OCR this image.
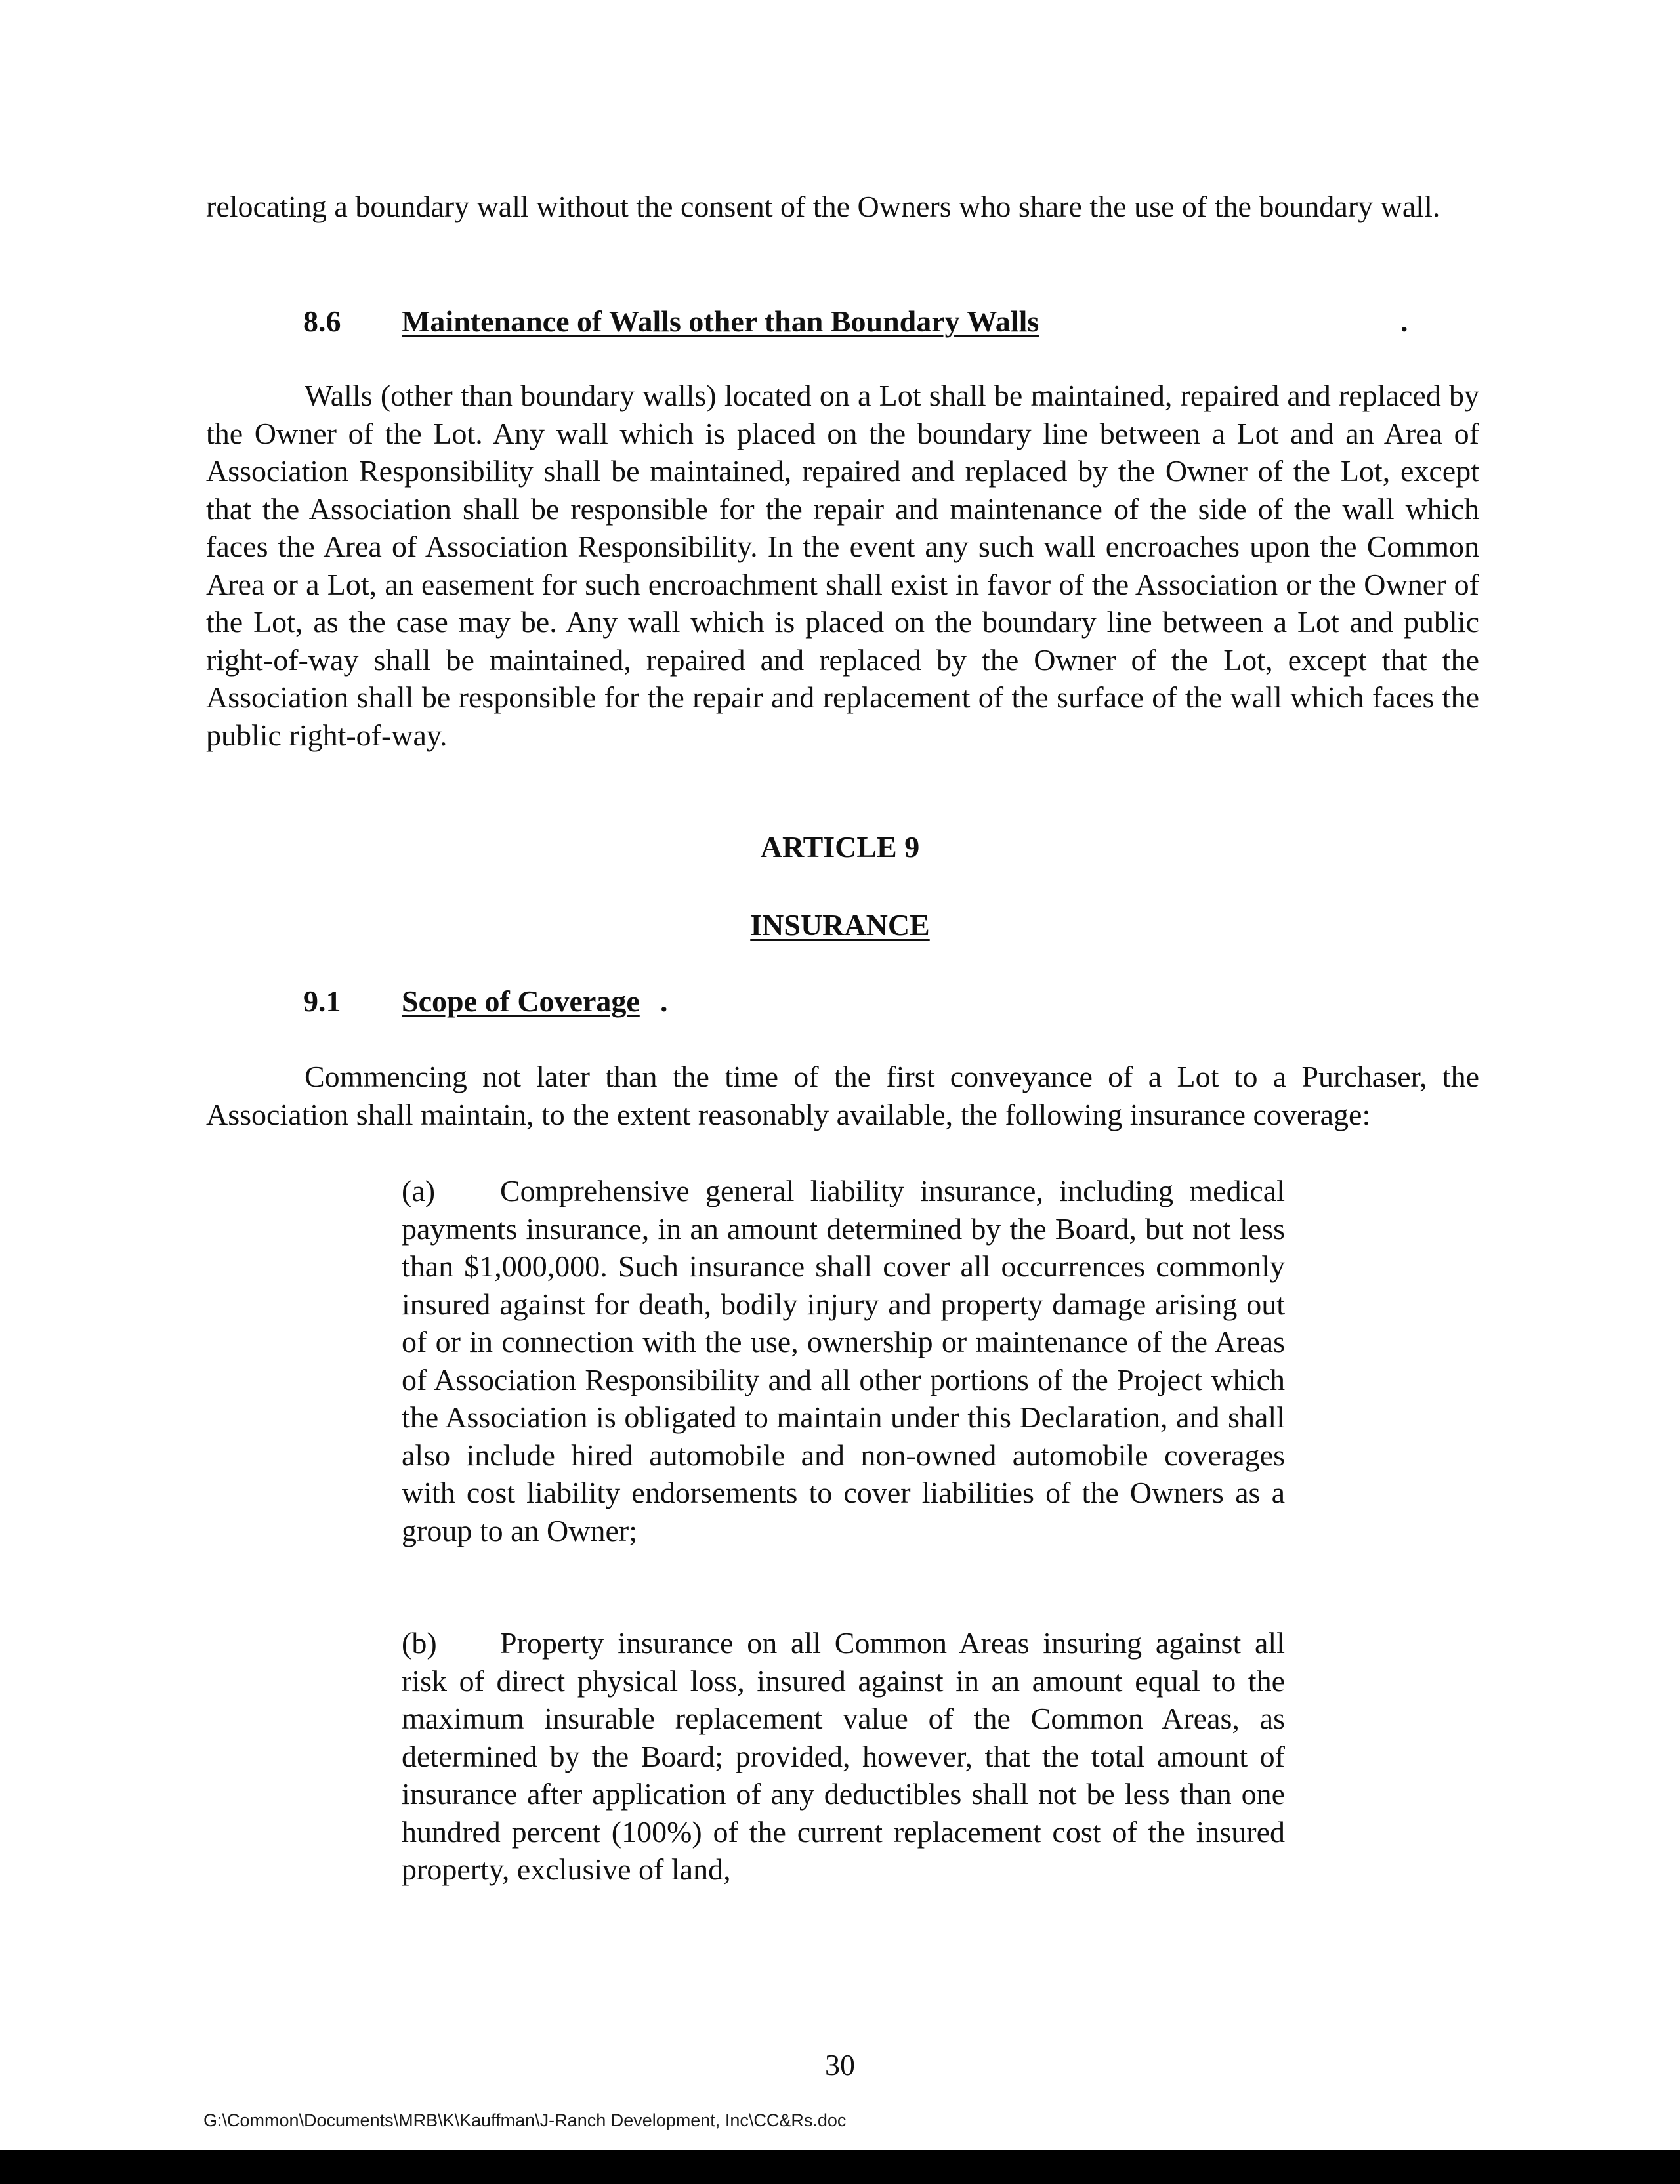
relocating a boundary wall without the consent of the Owners who share the use of the boundary wall.

8.6 Maintenance of Walls other than Boundary Walls	.

Walls (other than boundary walls) located on a Lot shall be maintained, repaired and replaced by the Owner of the Lot. Any wall which is placed on the boundary line between a Lot and an Area of Association Responsibility shall be maintained, repaired and replaced by the Owner of the Lot, except that the Association shall be responsible for the repair and maintenance of the side of the wall which faces the Area of Association Responsibility. In the event any such wall encroaches upon the Common Area or a Lot, an easement for such encroachment shall exist in favor of the Association or the Owner of the Lot, as the case may be. Any wall which is placed on the boundary line between a Lot and public right-of-way shall be maintained, repaired and replaced by the Owner of the Lot, except that the Association shall be responsible for the repair and replacement of the surface of the wall which faces the public right-of-way.

ARTICLE 9

INSURANCE

9.1 Scope of Coverage .

Commencing not later than the time of the first conveyance of a Lot to a Purchaser, the Association shall maintain, to the extent reasonably available, the following insurance coverage:

(a) Comprehensive general liability insurance, including medical payments insurance, in an amount determined by the Board, but not less than $1,000,000. Such insurance shall cover all occurrences commonly insured against for death, bodily injury and property damage arising out of or in connection with the use, ownership or maintenance of the Areas of Association Responsibility and all other portions of the Project which the Association is obligated to maintain under this Declaration, and shall also include hired automobile and non-owned automobile coverages with cost liability endorsements to cover liabilities of the Owners as a group to an Owner;

(b) Property insurance on all Common Areas insuring against all risk of direct physical loss, insured against in an amount equal to the maximum insurable replacement value of the Common Areas, as determined by the Board; provided, however, that the total amount of insurance after application of any deductibles shall not be less than one hundred percent (100%) of the current replacement cost of the insured property, exclusive of land,

30
G:\Common\Documents\MRB\K\Kauffman\J-Ranch Development, Inc\CC&Rs.doc
